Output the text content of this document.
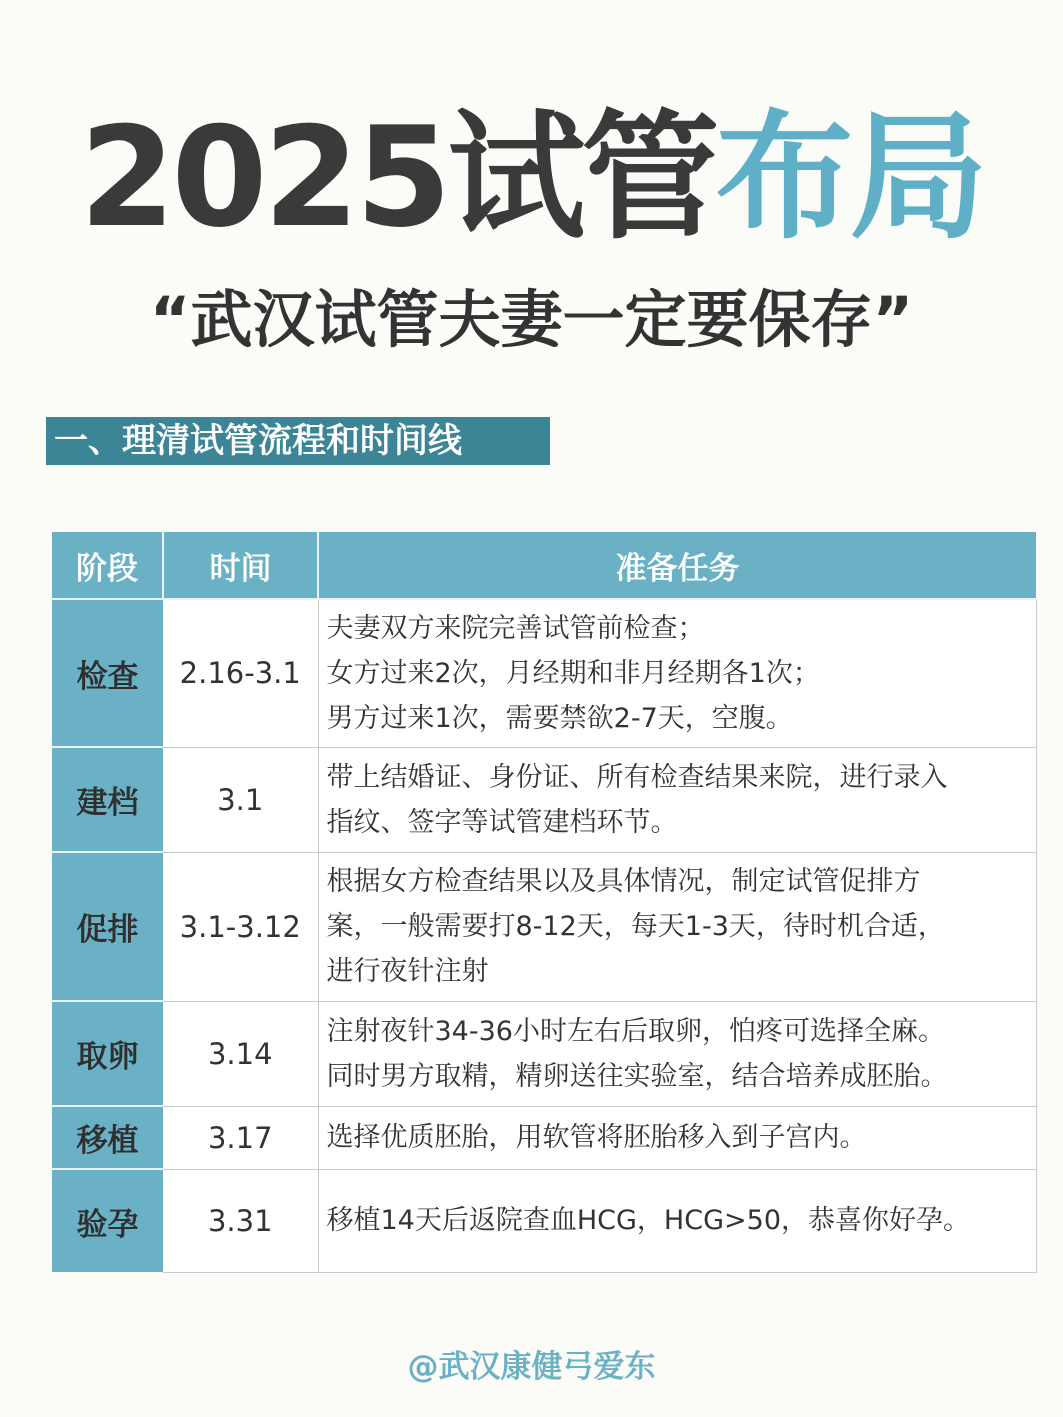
2025试管布局
“武汉试管夫妻一定要保存”
一、理清试管流程和时间线
阶段	时间	准备任务
检查	2.16-3.1	夫妻双方来院完善试管前检查；
女方过来2次，月经期和非月经期各1次；
男方过来1次，需要禁欲2-7天，空腹。

建档	3.1	带上结婚证、身份证、所有检查结果来院，进行录入
指纹、签字等试管建档环节。

促排	3.1-3.12	根据女方检查结果以及具体情况，制定试管促排方
案，一般需要打8-12天，每天1-3天，待时机合适，
进行夜针注射

取卵	3.14	注射夜针34-36小时左右后取卵，怕疼可选择全麻。
同时男方取精，精卵送往实验室，结合培养成胚胎。

移植	3.17	选择优质胚胎，用软管将胚胎移入到子宫内。

验孕	3.31	移植14天后返院查血HCG，HCG>50，恭喜你好孕。
@武汉康健弓爱东
